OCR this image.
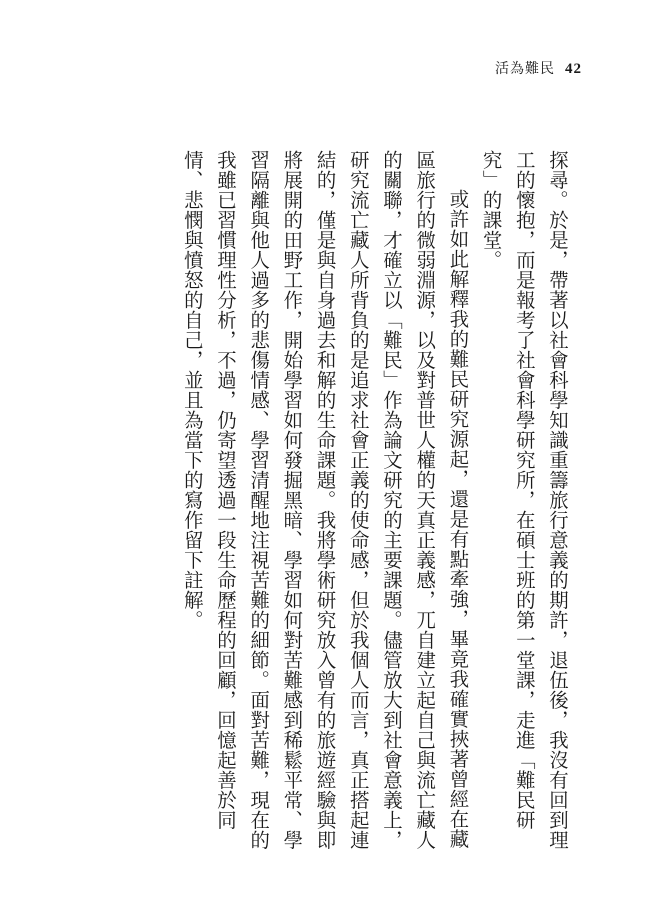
活為難民 42

探尋。於是，帶著以社會科學知識重籌旅行意義的期許，退伍後，我沒有回到理工的懷抱，而是報考了社會科學研究所，在碩士班的第一堂課，走進「難民研究」的課堂。

或許如此解釋我的難民研究源起，還是有點牽強，畢竟我確實挾著曾經在藏區旅行的微弱淵源，以及對普世人權的天真正義感，兀自建立起自己與流亡藏人的關聯，才確立以「難民」作為論文研究的主要課題。儘管放大到社會意義上，研究流亡藏人所背負的是追求社會正義的使命感，但於我個人而言，真正搭起連結的，僅是與自身過去和解的生命課題。我將學術研究放入曾有的旅遊經驗與即將展開的田野工作，開始學習如何發掘黑暗、學習如何對苦難感到稀鬆平常、學習隔離與他人過多的悲傷情感、學習清醒地注視苦難的細節。面對苦難，現在的我雖已習慣理性分析，不過，仍寄望透過一段生命歷程的回顧，回憶起善於同情、悲憫與憤怒的自己，並且為當下的寫作留下註解。
